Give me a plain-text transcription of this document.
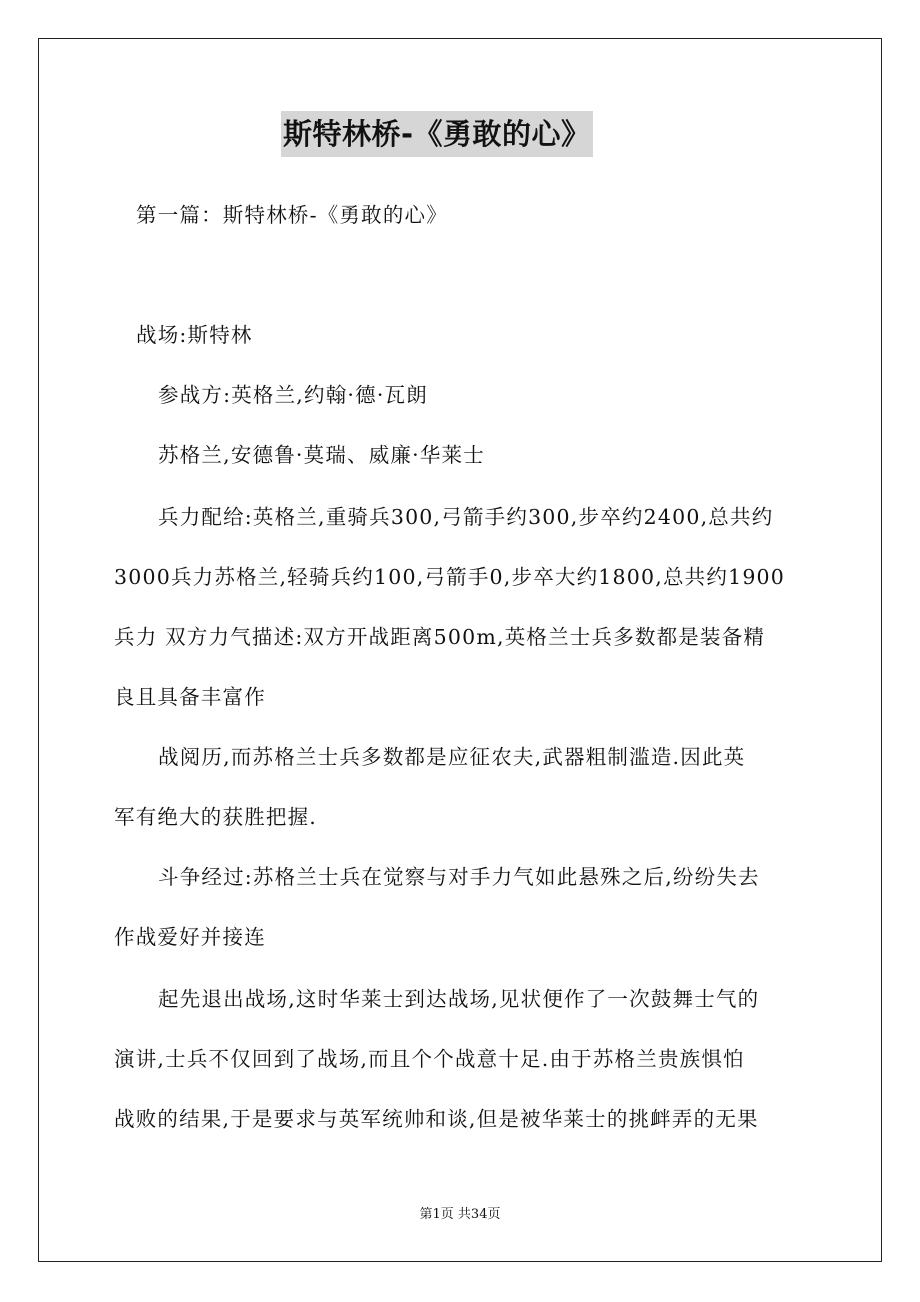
斯特林桥-《勇敢的心》
第一篇：斯特林桥-《勇敢的心》
战场:斯特林
参战方:英格兰,约翰·德·瓦朗
苏格兰,安德鲁·莫瑞、威廉·华莱士
兵力配给:英格兰,重骑兵300,弓箭手约300,步卒约2400,总共约
3000兵力苏格兰,轻骑兵约100,弓箭手0,步卒大约1800,总共约1900
兵力 双方力气描述:双方开战距离500m,英格兰士兵多数都是装备精
良且具备丰富作
战阅历,而苏格兰士兵多数都是应征农夫,武器粗制滥造.因此英
军有绝大的获胜把握.
斗争经过:苏格兰士兵在觉察与对手力气如此悬殊之后,纷纷失去
作战爱好并接连
起先退出战场,这时华莱士到达战场,见状便作了一次鼓舞士气的
演讲,士兵不仅回到了战场,而且个个战意十足.由于苏格兰贵族惧怕
战败的结果,于是要求与英军统帅和谈,但是被华莱士的挑衅弄的无果
第1页 共34页
